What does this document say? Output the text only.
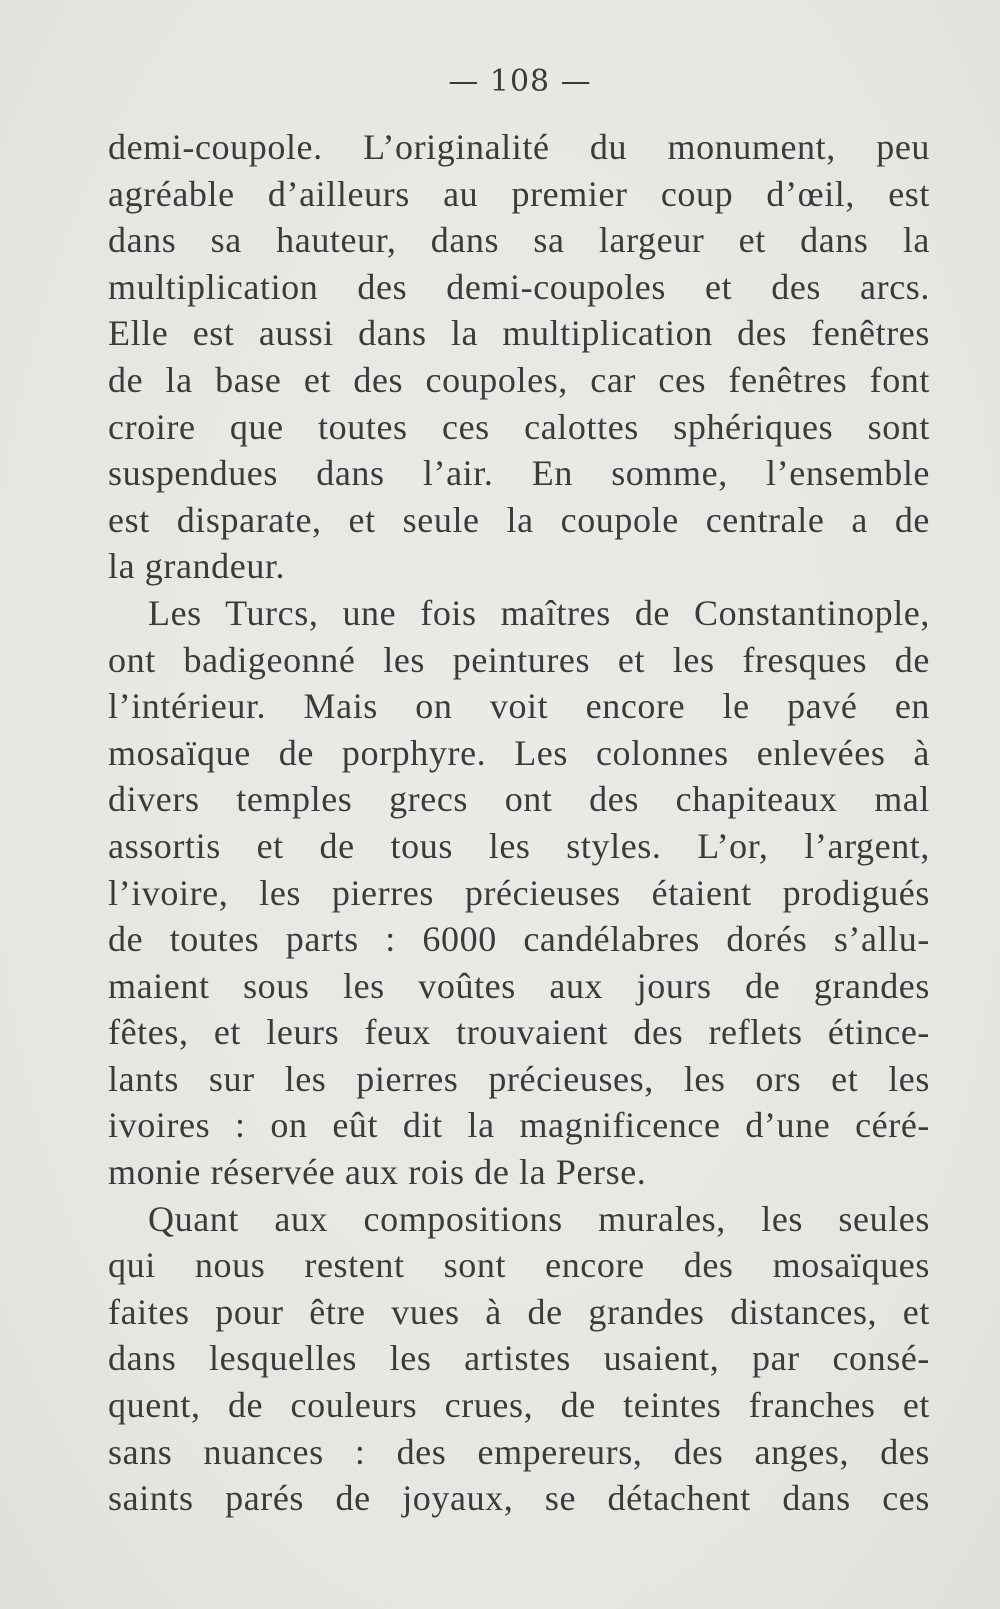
— 108 —

demi-coupole. L’originalité du monument, peu
agréable d’ailleurs au premier coup d’œil, est
dans sa hauteur, dans sa largeur et dans la
multiplication des demi-coupoles et des arcs.
Elle est aussi dans la multiplication des fenêtres
de la base et des coupoles, car ces fenêtres font
croire que toutes ces calottes sphériques sont
suspendues dans l’air. En somme, l’ensemble
est disparate, et seule la coupole centrale a de
la grandeur.
Les Turcs, une fois maîtres de Constantinople,
ont badigeonné les peintures et les fresques de
l’intérieur. Mais on voit encore le pavé en
mosaïque de porphyre. Les colonnes enlevées à
divers temples grecs ont des chapiteaux mal
assortis et de tous les styles. L’or, l’argent,
l’ivoire, les pierres précieuses étaient prodigués
de toutes parts : 6000 candélabres dorés s’allu-
maient sous les voûtes aux jours de grandes
fêtes, et leurs feux trouvaient des reflets étince-
lants sur les pierres précieuses, les ors et les
ivoires : on eût dit la magnificence d’une céré-
monie réservée aux rois de la Perse.
Quant aux compositions murales, les seules
qui nous restent sont encore des mosaïques
faites pour être vues à de grandes distances, et
dans lesquelles les artistes usaient, par consé-
quent, de couleurs crues, de teintes franches et
sans nuances : des empereurs, des anges, des
saints parés de joyaux, se détachent dans ces
